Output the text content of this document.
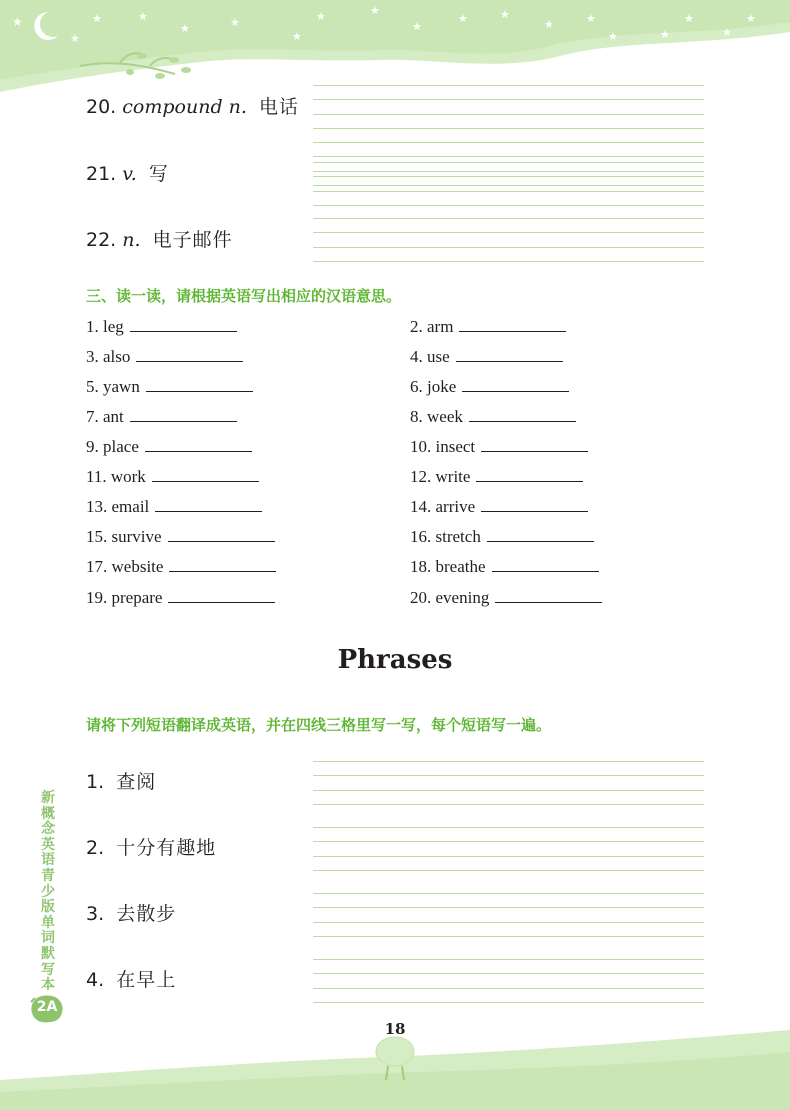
★
★
★	★
★	★
★
★	★
★
★	★
★	★
★	★
★
★
★
20. compound n. 电话
21. v. 写
22. n. 电子邮件
三、读一读，请根据英语写出相应的汉语意思。
1. leg	2. arm
3. also	4. use
5. yawn	6. joke
7. ant	8. week
9. place	10. insect
11. work	12. write
13. email	14. arrive
15. survive	16. stretch
17. website	18. breathe
19. prepare	20. evening
Phrases
请将下列短语翻译成英语，并在四线三格里写一写，每个短语写一遍。
1. 查阅
2. 十分有趣地
3. 去散步
4. 在早上
新概念英语青少版单词默写本
2A
18
